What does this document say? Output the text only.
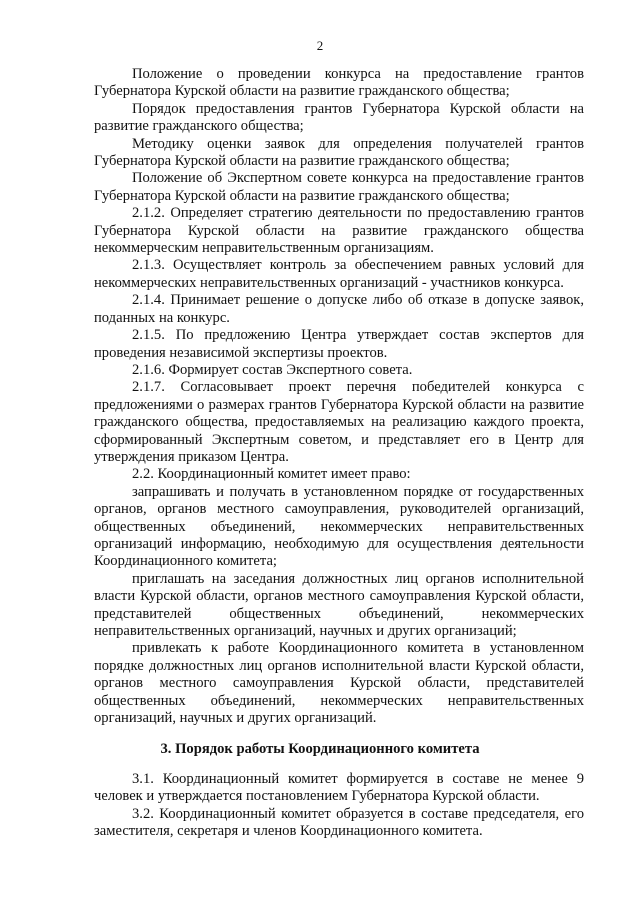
2

Положение о проведении конкурса на предоставление грантов Губернатора Курской области на развитие гражданского общества;

Порядок предоставления грантов Губернатора Курской области на развитие гражданского общества;

Методику оценки заявок для определения получателей грантов Губернатора Курской области на развитие гражданского общества;

Положение об Экспертном совете конкурса на предоставление грантов Губернатора Курской области на развитие гражданского общества;

2.1.2. Определяет стратегию деятельности по предоставлению грантов Губернатора Курской области на развитие гражданского общества некоммерческим неправительственным организациям.

2.1.3. Осуществляет контроль за обеспечением равных условий для некоммерческих неправительственных организаций - участников конкурса.

2.1.4. Принимает решение о допуске либо об отказе в допуске заявок, поданных на конкурс.

2.1.5. По предложению Центра утверждает состав экспертов для проведения независимой экспертизы проектов.

2.1.6. Формирует состав Экспертного совета.

2.1.7. Согласовывает проект перечня победителей конкурса с предложениями о размерах грантов Губернатора Курской области на развитие гражданского общества, предоставляемых на реализацию каждого проекта, сформированный Экспертным советом, и представляет его в Центр для утверждения приказом Центра.

2.2. Координационный комитет имеет право:

запрашивать и получать в установленном порядке от государственных органов, органов местного самоуправления, руководителей организаций, общественных объединений, некоммерческих неправительственных организаций информацию, необходимую для осуществления деятельности Координационного комитета;

приглашать на заседания должностных лиц органов исполнительной власти Курской области, органов местного самоуправления Курской области, представителей общественных объединений, некоммерческих неправительственных организаций, научных и других организаций;

привлекать к работе Координационного комитета в установленном порядке должностных лиц органов исполнительной власти Курской области, органов местного самоуправления Курской области, представителей общественных объединений, некоммерческих неправительственных организаций, научных и других организаций.

3. Порядок работы Координационного комитета

3.1. Координационный комитет формируется в составе не менее 9 человек и утверждается постановлением Губернатора Курской области.

3.2. Координационный комитет образуется в составе председателя, его заместителя, секретаря и членов Координационного комитета.
